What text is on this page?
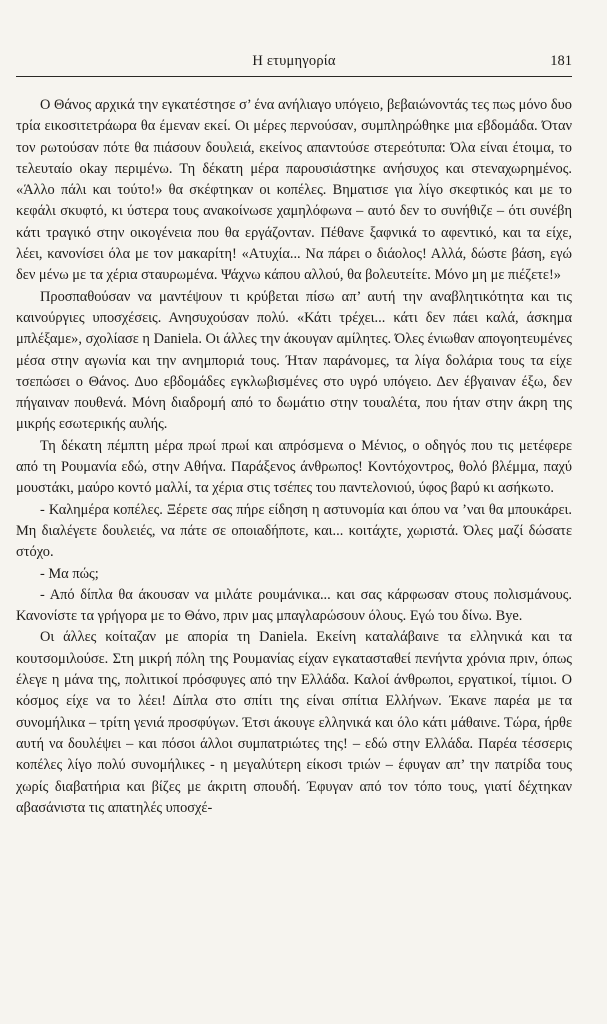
Η ετυμηγορία	181

Ο Θάνος αρχικά την εγκατέστησε σ’ ένα ανήλιαγο υπόγειο, βεβαιώνοντάς τες πως μόνο δυο τρία εικοσιτετράωρα θα έμεναν εκεί. Οι μέρες περνούσαν, συμπληρώθηκε μια εβδομάδα. Όταν τον ρωτούσαν πότε θα πιάσουν δουλειά, εκείνος απαντούσε στερεότυπα: Όλα είναι έτοιμα, το τελευταίο okay περιμένω. Τη δέκατη μέρα παρουσιάστηκε ανήσυχος και στεναχωρημένος. «Άλλο πάλι και τούτο!» θα σκέφτηκαν οι κοπέλες. Βηματισε για λίγο σκεφτικός και με το κεφάλι σκυφτό, κι ύστερα τους ανακοίνωσε χαμηλόφωνα – αυτό δεν το συνήθιζε – ότι συνέβη κάτι τραγικό στην οικογένεια που θα εργάζονταν. Πέθανε ξαφνικά το αφεντικό, και τα είχε, λέει, κανονίσει όλα με τον μακαρίτη! «Ατυχία... Να πάρει ο διάολος! Αλλά, δώστε βάση, εγώ δεν μένω με τα χέρια σταυρωμένα. Ψάχνω κάπου αλλού, θα βολευτείτε. Μόνο μη με πιέζετε!»

Προσπαθούσαν να μαντέψουν τι κρύβεται πίσω απ’ αυτή την αναβλητικότητα και τις καινούργιες υποσχέσεις. Ανησυχούσαν πολύ. «Κάτι τρέχει... κάτι δεν πάει καλά, άσκημα μπλέξαμε», σχολίασε η Daniela. Οι άλλες την άκουγαν αμίλητες. Όλες ένιωθαν απογοητευμένες μέσα στην αγωνία και την ανημποριά τους. Ήταν παράνομες, τα λίγα δολάρια τους τα είχε τσεπώσει ο Θάνος. Δυο εβδομάδες εγκλωβισμένες στο υγρό υπόγειο. Δεν έβγαιναν έξω, δεν πήγαιναν πουθενά. Μόνη διαδρομή από το δωμάτιο στην τουαλέτα, που ήταν στην άκρη της μικρής εσωτερικής αυλής.

Τη δέκατη πέμπτη μέρα πρωί πρωί και απρόσμενα ο Μένιος, ο οδηγός που τις μετέφερε από τη Ρουμανία εδώ, στην Αθήνα. Παράξενος άνθρωπος! Κοντόχοντρος, θολό βλέμμα, παχύ μουστάκι, μαύρο κοντό μαλλί, τα χέρια στις τσέπες του παντελονιού, ύφος βαρύ κι ασήκωτο.

- Καλημέρα κοπέλες. Ξέρετε σας πήρε είδηση η αστυνομία και όπου να ’ναι θα μπουκάρει. Μη διαλέγετε δουλειές, να πάτε σε οποιαδήποτε, και... κοιτάχτε, χωριστά. Όλες μαζί δώσατε στόχο.

- Μα πώς;

- Από δίπλα θα άκουσαν να μιλάτε ρουμάνικα... και σας κάρφωσαν στους πολισμάνους. Κανονίστε τα γρήγορα με το Θάνο, πριν μας μπαγλαρώσουν όλους. Εγώ του δίνω. Bye.

Οι άλλες κοίταζαν με απορία τη Daniela. Εκείνη καταλάβαινε τα ελληνικά και τα κουτσομιλούσε. Στη μικρή πόλη της Ρουμανίας είχαν εγκατασταθεί πενήντα χρόνια πριν, όπως έλεγε η μάνα της, πολιτικοί πρόσφυγες από την Ελλάδα. Καλοί άνθρωποι, εργατικοί, τίμιοι. Ο κόσμος είχε να το λέει! Δίπλα στο σπίτι της είναι σπίτια Ελλήνων. Έκανε παρέα με τα συνομήλικα – τρίτη γενιά προσφύγων. Έτσι άκουγε ελληνικά και όλο κάτι μάθαινε. Τώρα, ήρθε αυτή να δουλέψει – και πόσοι άλλοι συμπατριώτες της! – εδώ στην Ελλάδα. Παρέα τέσσερις κοπέλες λίγο πολύ συνομήλικες - η μεγαλύτερη είκοσι τριών – έφυγαν απ’ την πατρίδα τους χωρίς διαβατήρια και βίζες με άκριτη σπουδή. Έφυγαν από τον τόπο τους, γιατί δέχτηκαν αβασάνιστα τις απατηλές υποσχέ-
